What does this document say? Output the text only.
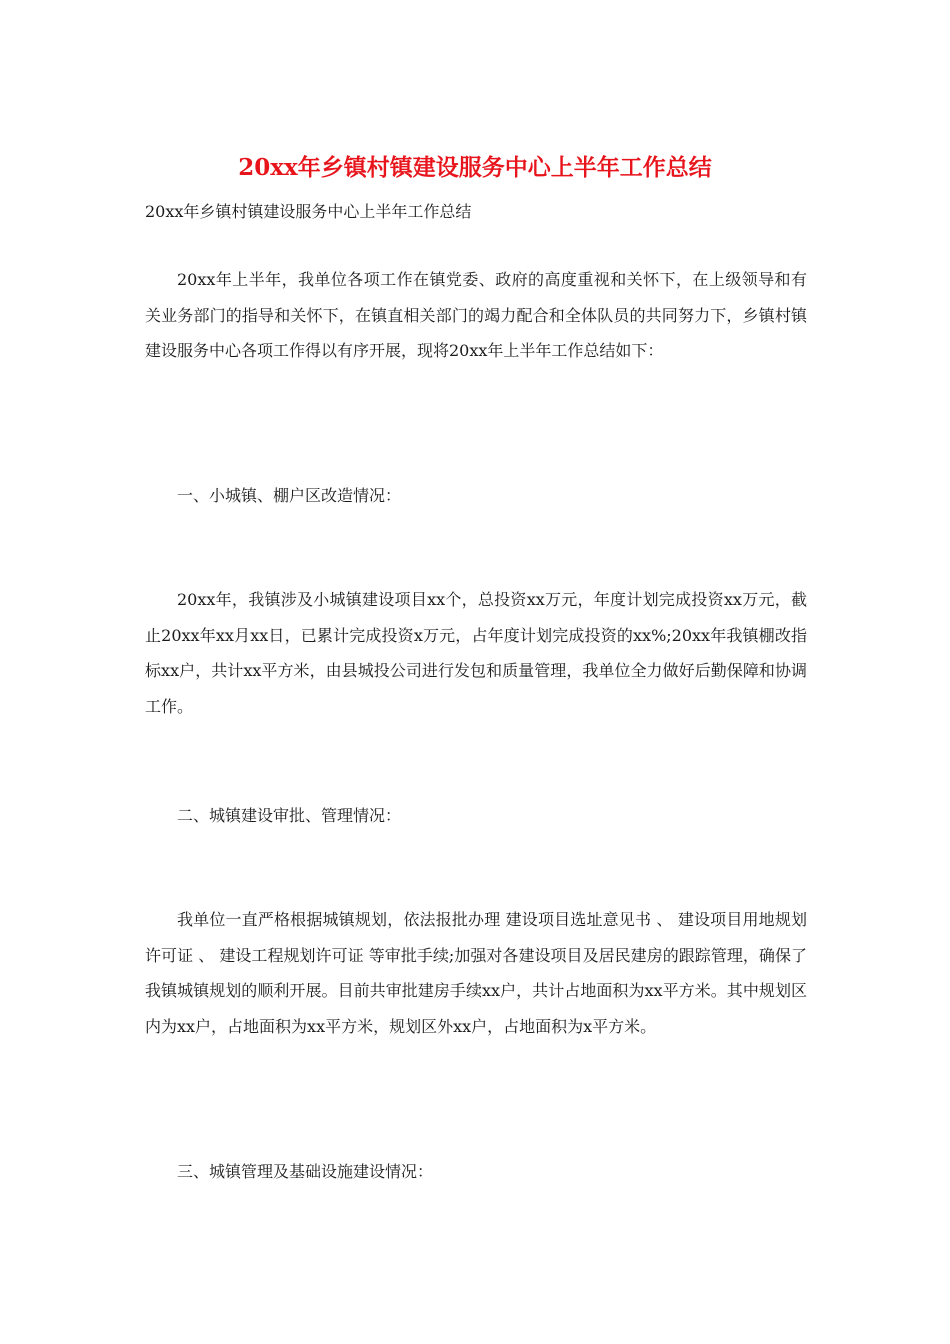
20xx年乡镇村镇建设服务中心上半年工作总结

20xx年乡镇村镇建设服务中心上半年工作总结

20xx年上半年，我单位各项工作在镇党委、政府的高度重视和关怀下，在上级领导和有关业务部门的指导和关怀下，在镇直相关部门的竭力配合和全体队员的共同努力下，乡镇村镇建设服务中心各项工作得以有序开展，现将20xx年上半年工作总结如下：

一、小城镇、棚户区改造情况：

20xx年，我镇涉及小城镇建设项目xx个，总投资xx万元，年度计划完成投资xx万元，截止20xx年xx月xx日，已累计完成投资x万元，占年度计划完成投资的xx%;20xx年我镇棚改指标xx户，共计xx平方米，由县城投公司进行发包和质量管理，我单位全力做好后勤保障和协调工作。

二、城镇建设审批、管理情况：

我单位一直严格根据城镇规划，依法报批办理 建设项目选址意见书 、 建设项目用地规划许可证 、 建设工程规划许可证 等审批手续;加强对各建设项目及居民建房的跟踪管理，确保了我镇城镇规划的顺利开展。目前共审批建房手续xx户，共计占地面积为xx平方米。其中规划区内为xx户，占地面积为xx平方米，规划区外xx户，占地面积为x平方米。

三、城镇管理及基础设施建设情况：
